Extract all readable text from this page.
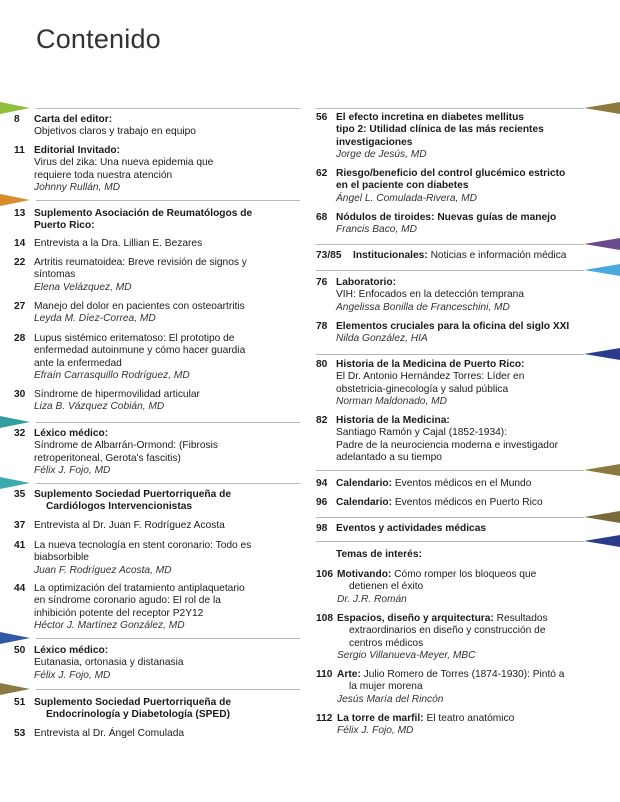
Contenido
8 Carta del editor:
Objetivos claros y trabajo en equipo
11 Editorial Invitado:
Virus del zika: Una nueva epidemia que
requiere toda nuestra atención
Johnny Rullán, MD
13 Suplemento Asociación de Reumatólogos de
Puerto Rico:
14 Entrevista a la Dra. Lillian E. Bezares
22 Artritis reumatoidea: Breve revisión de signos y
síntomas
Elena Velázquez, MD
27 Manejo del dolor en pacientes con osteoartritis
Leyda M. Díez-Correa, MD
28 Lupus sistémico eritematoso: El prototipo de
enfermedad autoinmune y cómo hacer guardia
ante la enfermedad
Efraín Carrasquillo Rodríguez, MD
30 Síndrome de hipermovilidad articular
Liza B. Vázquez Cobián, MD
32 Léxico médico:
Síndrome de Albarrán-Ormond: (Fibrosis
retroperitoneal, Gerota's fascitis)
Félix J. Fojo, MD
35 Suplemento Sociedad Puertorriqueña de
Cardiólogos Intervencionistas
37 Entrevista al Dr. Juan F. Rodríguez Acosta
41 La nueva tecnología en stent coronario: Todo es
biabsorbible
Juan F. Rodríguez Acosta, MD
44 La optimización del tratamiento antiplaquetario
en síndrome coronario agudo: El rol de la
inhibición potente del receptor P2Y12
Héctor J. Martínez González, MD
50 Léxico médico:
Eutanasia, ortonasia y distanasia
Félix J. Fojo, MD
51 Suplemento Sociedad Puertorriqueña de
Endocrinología y Diabetología (SPED)
53 Entrevista al Dr. Ángel Comulada
56 El efecto incretina en diabetes mellitus
tipo 2: Utilidad clínica de las más recientes
investigaciones
Jorge de Jesús, MD
62 Riesgo/beneficio del control glucémico estricto
en el paciente con diabetes
Ángel L. Comulada-Rivera, MD
68 Nódulos de tiroides: Nuevas guías de manejo
Francis Baco, MD
73/85 Institucionales: Noticias e información médica
76 Laboratorio:
VIH: Enfocados en la detección temprana
Angelissa Bonilla de Franceschini, MD
78 Elementos cruciales para la oficina del siglo XXI
Nilda González, HIA
80 Historia de la Medicina de Puerto Rico:
El Dr. Antonio Hernández Torres: Líder en
obstetricia-ginecología y salud pública
Norman Maldonado, MD
82 Historia de la Medicina:
Santiago Ramón y Cajal (1852-1934):
Padre de la neurociencia moderna e investigador
adelantado a su tiempo
94 Calendario: Eventos médicos en el Mundo
96 Calendario: Eventos médicos en Puerto Rico
98 Eventos y actividades médicas
Temas de interés:
106 Motivando: Cómo romper los bloqueos que
detienen el éxito
Dr. J.R. Román
108 Espacios, diseño y arquitectura: Resultados
extraordinarios en diseño y construcción de
centros médicos
Sergio Villanueva-Meyer, MBC
110 Arte: Julio Romero de Torres (1874-1930): Pintó a
la mujer morena
Jesús María del Rincón
112 La torre de marfil: El teatro anatómico
Félix J. Fojo, MD
